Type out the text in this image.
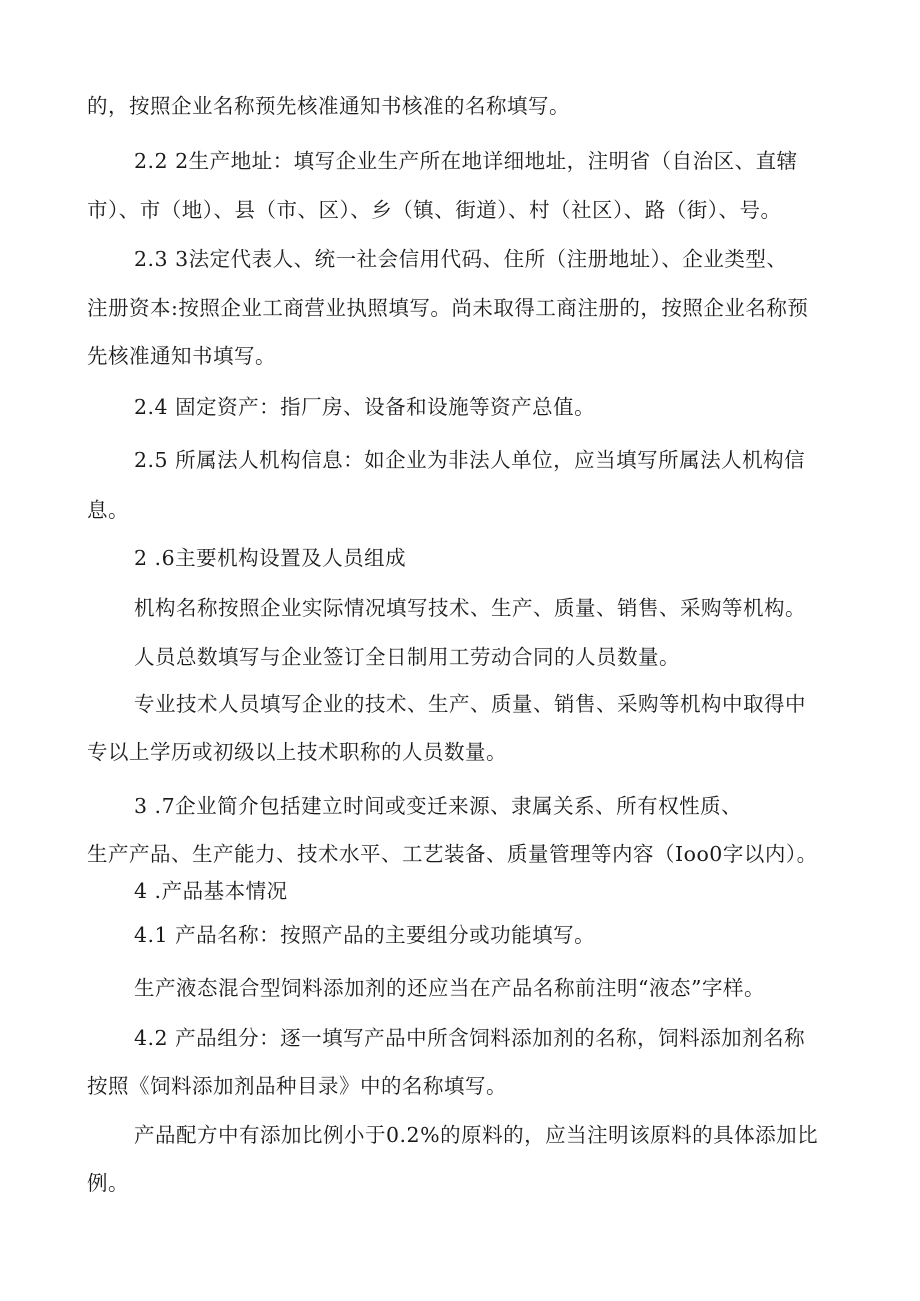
的，按照企业名称预先核准通知书核准的名称填写。
2.2 2生产地址：填写企业生产所在地详细地址，注明省（自治区、直辖
市）、市（地）、县（市、区）、乡（镇、街道）、村（社区）、路（街）、号。
2.3 3法定代表人、统一社会信用代码、住所（注册地址）、企业类型、
注册资本:按照企业工商营业执照填写。尚未取得工商注册的，按照企业名称预
先核准通知书填写。
2.4 固定资产：指厂房、设备和设施等资产总值。
2.5 所属法人机构信息：如企业为非法人单位，应当填写所属法人机构信
息。
2 .6主要机构设置及人员组成
机构名称按照企业实际情况填写技术、生产、质量、销售、采购等机构。
人员总数填写与企业签订全日制用工劳动合同的人员数量。
专业技术人员填写企业的技术、生产、质量、销售、采购等机构中取得中
专以上学历或初级以上技术职称的人员数量。
3 .7企业简介包括建立时间或变迁来源、隶属关系、所有权性质、
生产产品、生产能力、技术水平、工艺装备、质量管理等内容（Ioo0字以内）。
4 .产品基本情况
4.1 产品名称：按照产品的主要组分或功能填写。
生产液态混合型饲料添加剂的还应当在产品名称前注明“液态”字样。
4.2 产品组分：逐一填写产品中所含饲料添加剂的名称，饲料添加剂名称
按照《饲料添加剂品种目录》中的名称填写。
产品配方中有添加比例小于0.2%的原料的，应当注明该原料的具体添加比
例。
